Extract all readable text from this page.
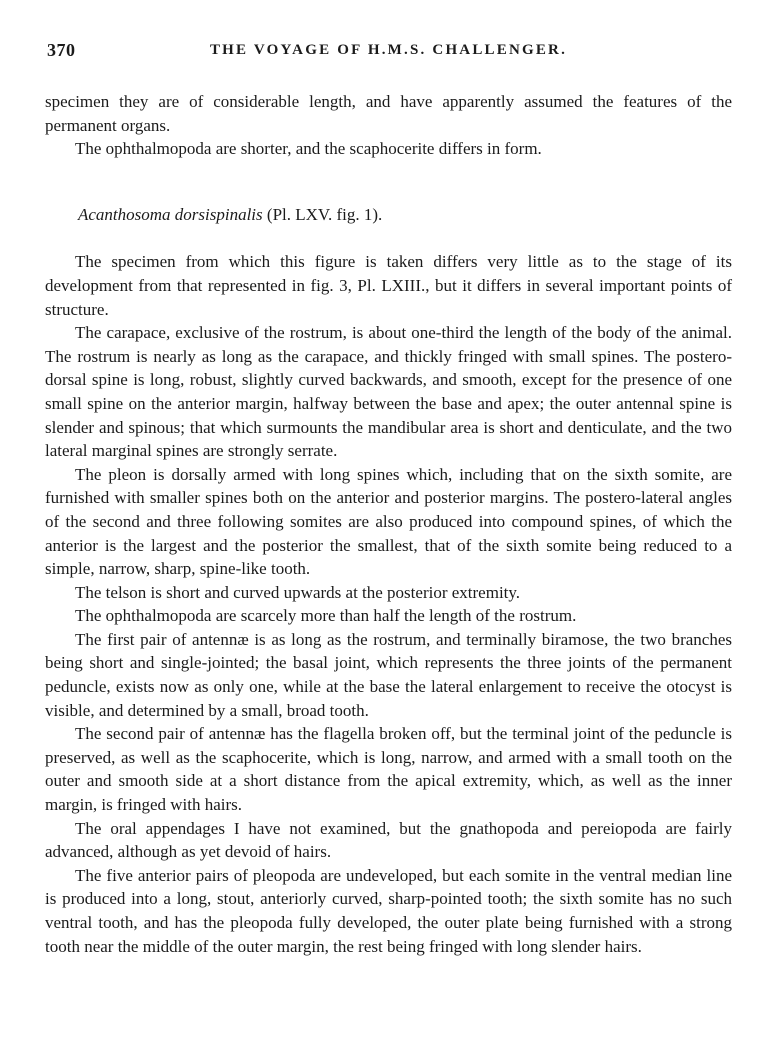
370	THE VOYAGE OF H.M.S. CHALLENGER.

specimen they are of considerable length, and have apparently assumed the features of the permanent organs.

The ophthalmopoda are shorter, and the scaphocerite differs in form.

Acanthosoma dorsispinalis (Pl. LXV. fig. 1).

The specimen from which this figure is taken differs very little as to the stage of its development from that represented in fig. 3, Pl. LXIII., but it differs in several important points of structure.

The carapace, exclusive of the rostrum, is about one-third the length of the body of the animal. The rostrum is nearly as long as the carapace, and thickly fringed with small spines. The postero-dorsal spine is long, robust, slightly curved backwards, and smooth, except for the presence of one small spine on the anterior margin, halfway between the base and apex; the outer antennal spine is slender and spinous; that which surmounts the mandibular area is short and denticulate, and the two lateral marginal spines are strongly serrate.

The pleon is dorsally armed with long spines which, including that on the sixth somite, are furnished with smaller spines both on the anterior and posterior margins. The postero-lateral angles of the second and three following somites are also produced into compound spines, of which the anterior is the largest and the posterior the smallest, that of the sixth somite being reduced to a simple, narrow, sharp, spine-like tooth.

The telson is short and curved upwards at the posterior extremity.

The ophthalmopoda are scarcely more than half the length of the rostrum.

The first pair of antennæ is as long as the rostrum, and terminally biramose, the two branches being short and single-jointed; the basal joint, which represents the three joints of the permanent peduncle, exists now as only one, while at the base the lateral enlargement to receive the otocyst is visible, and determined by a small, broad tooth.

The second pair of antennæ has the flagella broken off, but the terminal joint of the peduncle is preserved, as well as the scaphocerite, which is long, narrow, and armed with a small tooth on the outer and smooth side at a short distance from the apical extremity, which, as well as the inner margin, is fringed with hairs.

The oral appendages I have not examined, but the gnathopoda and pereiopoda are fairly advanced, although as yet devoid of hairs.

The five anterior pairs of pleopoda are undeveloped, but each somite in the ventral median line is produced into a long, stout, anteriorly curved, sharp-pointed tooth; the sixth somite has no such ventral tooth, and has the pleopoda fully developed, the outer plate being furnished with a strong tooth near the middle of the outer margin, the rest being fringed with long slender hairs.
